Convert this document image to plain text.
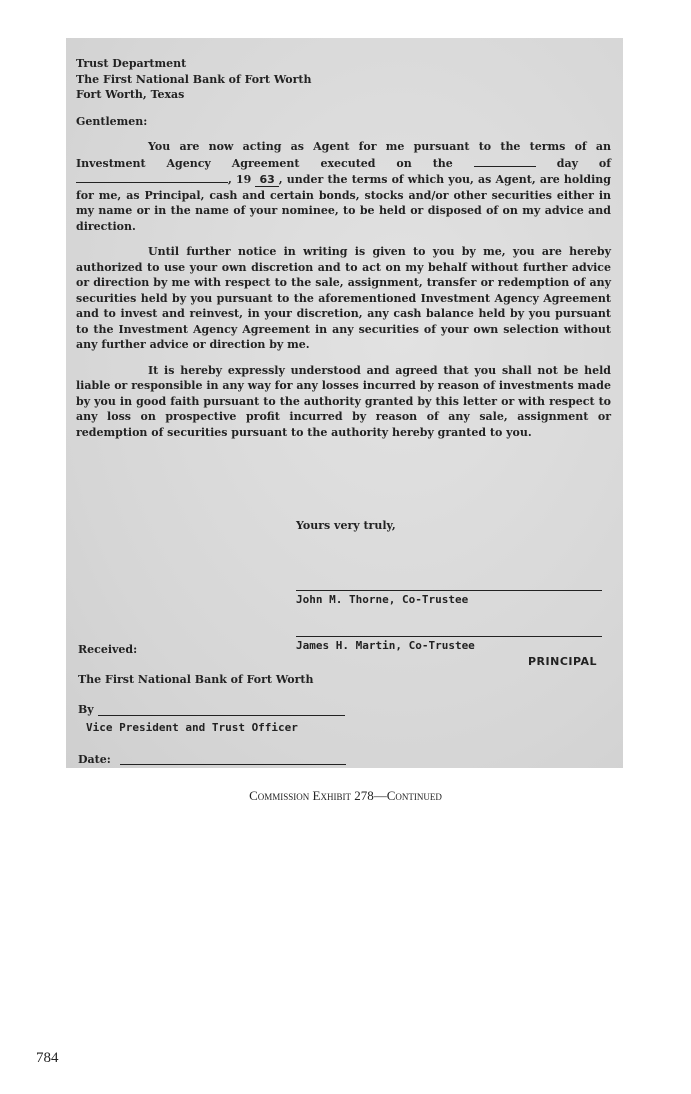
Trust Department
The First National Bank of Fort Worth
Fort Worth, Texas
Gentlemen:
You are now acting as Agent for me pursuant to the terms of an Investment Agency Agreement executed on the	day of , 19 63 , under the terms of which you, as Agent, are holding for me, as Principal, cash and certain bonds, stocks and/or other securities either in my name or in the name of your nominee, to be held or disposed of on my advice and direction.
Until further notice in writing is given to you by me, you are hereby authorized to use your own discretion and to act on my behalf without further advice or direction by me with respect to the sale, assignment, transfer or redemption of any securities held by you pursuant to the aforementioned Investment Agency Agreement and to invest and reinvest, in your discretion, any cash balance held by you pursuant to the Investment Agency Agreement in any securities of your own selection without any further advice or direction by me.
It is hereby expressly understood and agreed that you shall not be held liable or responsible in any way for any losses incurred by reason of investments made by you in good faith pursuant to the authority granted by this letter or with respect to any loss on prospective profit incurred by reason of any sale, assignment or redemption of securities pursuant to the authority hereby granted to you.
Yours very truly,
John M. Thorne, Co-Trustee
Received:	James H. Martin, Co-Trustee
PRINCIPAL
The First National Bank of Fort Worth
By
Vice President and Trust Officer
Date:
Commission Exhibit 278—Continued
784
